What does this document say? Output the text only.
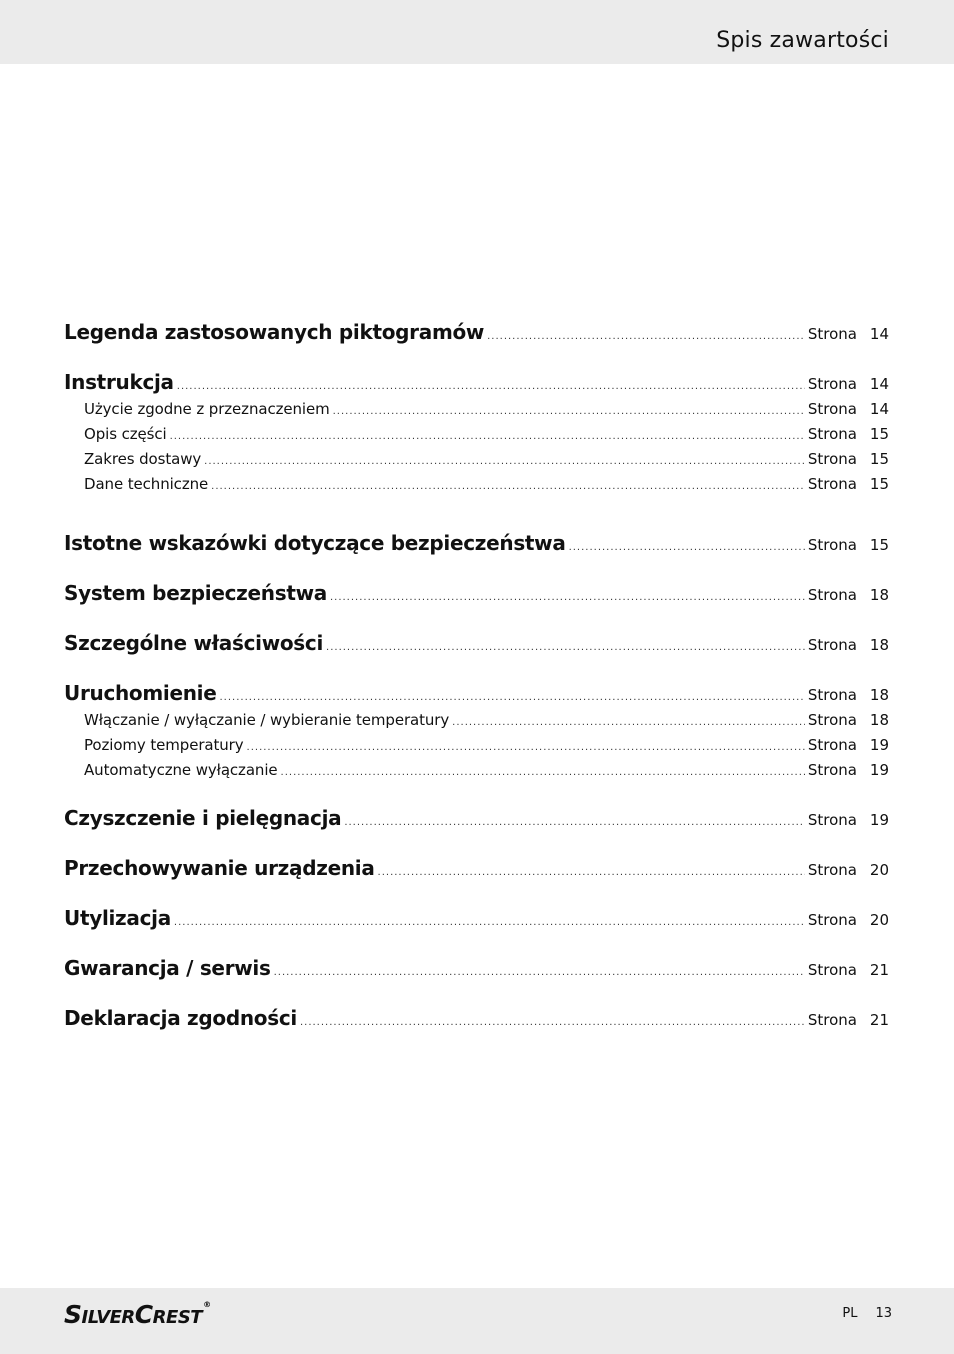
Spis zawartości
Legenda zastosowanych piktogramów .....	Strona 14
Instrukcja .....	Strona 14
Użycie zgodne z przeznaczeniem .....	Strona 14
Opis części .....	Strona 15
Zakres dostawy .....	Strona 15
Dane techniczne .....	Strona 15
Istotne wskazówki dotyczące bezpieczeństwa .....	Strona 15
System bezpieczeństwa .....	Strona 18
Szczególne właściwości .....	Strona 18
Uruchomienie .....	Strona 18
Włączanie / wyłączanie / wybieranie temperatury .....	Strona 18
Poziomy temperatury .....	Strona 19
Automatyczne wyłączanie .....	Strona 19
Czyszczenie i pielęgnacja .....	Strona 19
Przechowywanie urządzenia .....	Strona 20
Utylizacja .....	Strona 20
Gwarancja / serwis .....	Strona 21
Deklaracja zgodności .....	Strona 21
SILVERCREST®
PL 13
